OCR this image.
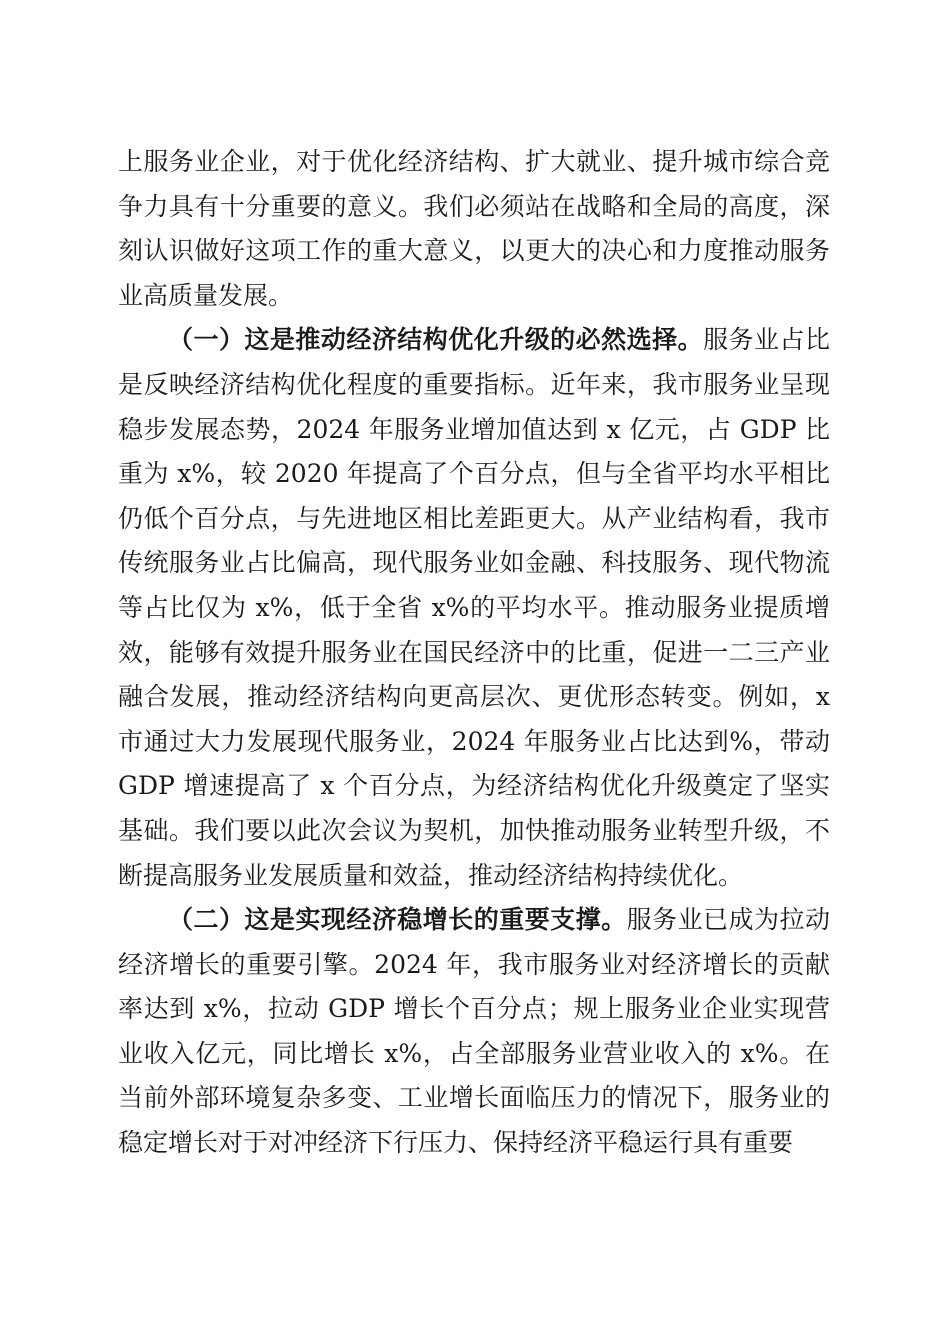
上服务业企业，对于优化经济结构、扩大就业、提升城市综合竞争力具有十分重要的意义。我们必须站在战略和全局的高度，深刻认识做好这项工作的重大意义，以更大的决心和力度推动服务业高质量发展。

（一）这是推动经济结构优化升级的必然选择。服务业占比是反映经济结构优化程度的重要指标。近年来，我市服务业呈现稳步发展态势，2024 年服务业增加值达到 x 亿元，占 GDP 比重为 x%，较 2020 年提高了个百分点，但与全省平均水平相比仍低个百分点，与先进地区相比差距更大。从产业结构看，我市传统服务业占比偏高，现代服务业如金融、科技服务、现代物流等占比仅为 x%，低于全省 x%的平均水平。推动服务业提质增效，能够有效提升服务业在国民经济中的比重，促进一二三产业融合发展，推动经济结构向更高层次、更优形态转变。例如，x 市通过大力发展现代服务业，2024 年服务业占比达到%，带动 GDP 增速提高了 x 个百分点，为经济结构优化升级奠定了坚实基础。我们要以此次会议为契机，加快推动服务业转型升级，不断提高服务业发展质量和效益，推动经济结构持续优化。

（二）这是实现经济稳增长的重要支撑。服务业已成为拉动经济增长的重要引擎。2024 年，我市服务业对经济增长的贡献率达到 x%，拉动 GDP 增长个百分点；规上服务业企业实现营业收入亿元，同比增长 x%，占全部服务业营业收入的 x%。在当前外部环境复杂多变、工业增长面临压力的情况下，服务业的稳定增长对于对冲经济下行压力、保持经济平稳运行具有重要
